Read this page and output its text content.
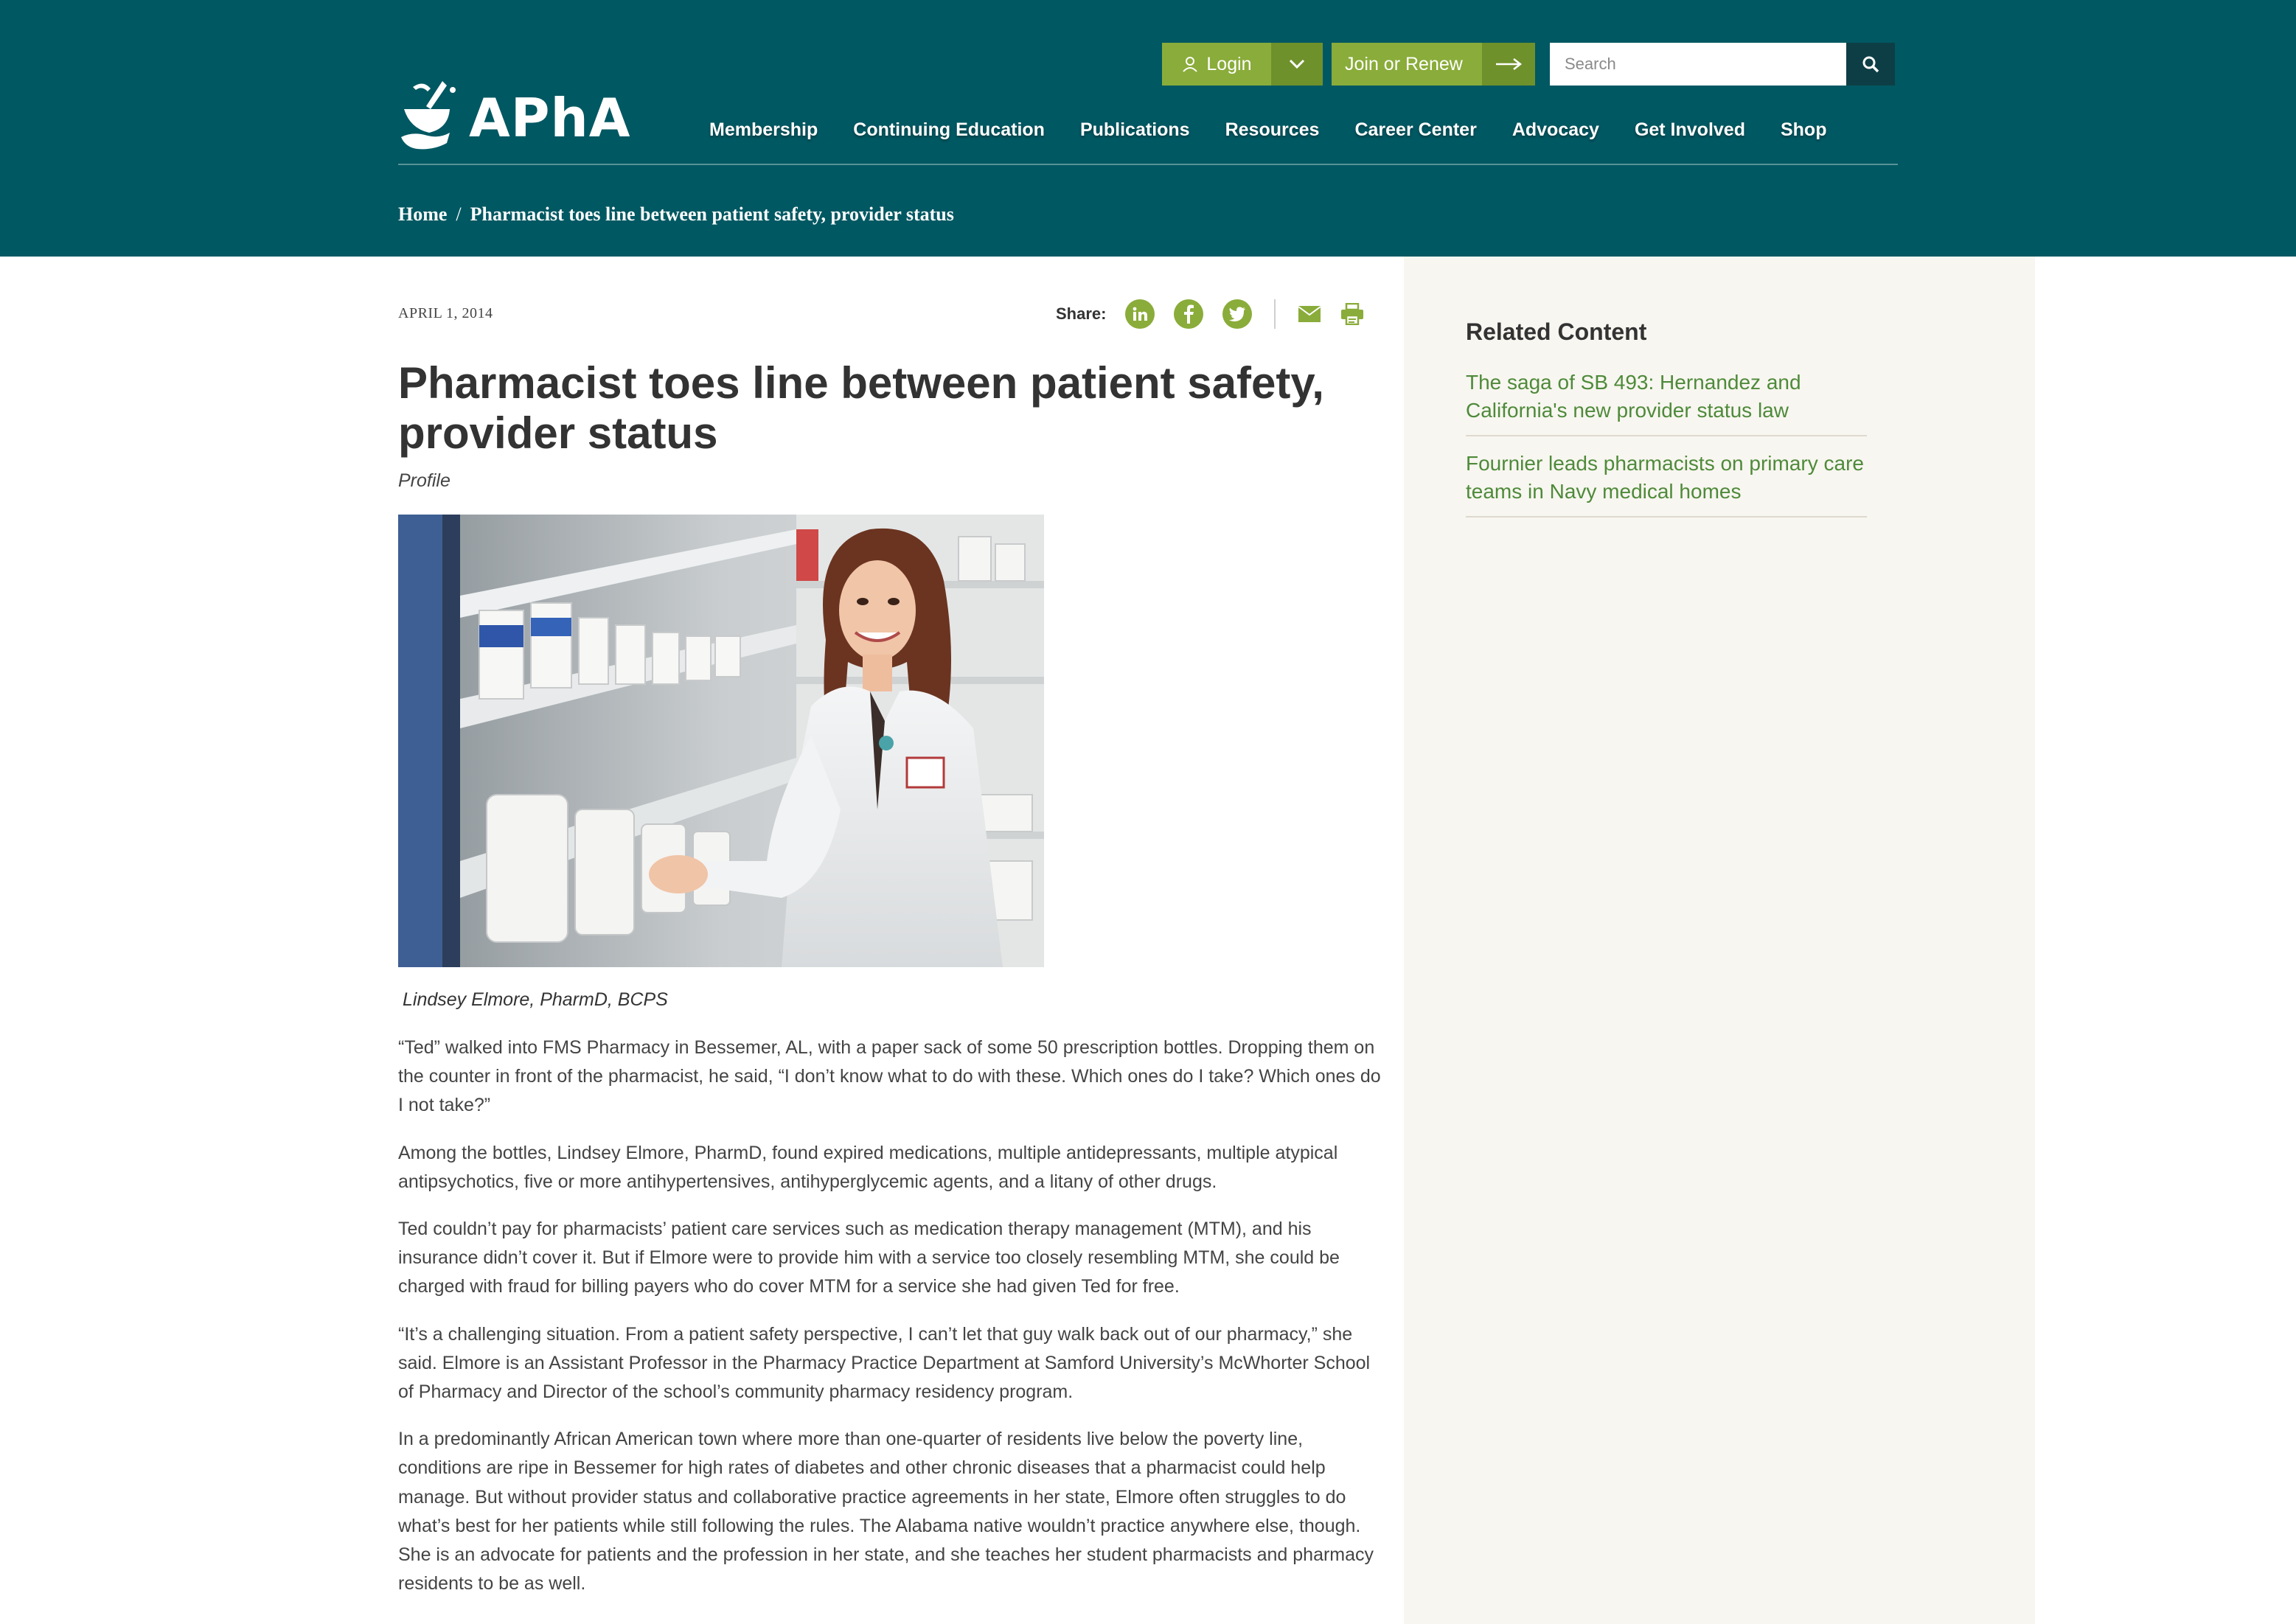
APhA
Login	Join or Renew
Search
Membership Continuing Education Publications Resources Career Center Advocacy Get Involved Shop
Home / Pharmacist toes line between patient safety, provider status
Related Content
The saga of SB 493: Hernandez and California's new provider status law
Fournier leads pharmacists on primary care teams in Navy medical homes
APRIL 1, 2014	Share:
Pharmacist toes line between patient safety, provider status
Profile
Lindsey Elmore, PharmD, BCPS

“Ted” walked into FMS Pharmacy in Bessemer, AL, with a paper sack of some 50 prescription bottles. Dropping them on the counter in front of the pharmacist, he said, “I don’t know what to do with these. Which ones do I take? Which ones do I not take?”

Among the bottles, Lindsey Elmore, PharmD, found expired medications, multiple antidepressants, multiple atypical antipsychotics, five or more antihypertensives, antihyperglycemic agents, and a litany of other drugs.

Ted couldn’t pay for pharmacists’ patient care services such as medication therapy management (MTM), and his insurance didn’t cover it. But if Elmore were to provide him with a service too closely resembling MTM, she could be charged with fraud for billing payers who do cover MTM for a service she had given Ted for free.

“It’s a challenging situation. From a patient safety perspective, I can’t let that guy walk back out of our pharmacy,” she said. Elmore is an Assistant Professor in the Pharmacy Practice Department at Samford University’s McWhorter School of Pharmacy and Director of the school’s community pharmacy residency program.

In a predominantly African American town where more than one-quarter of residents live below the poverty line, conditions are ripe in Bessemer for high rates of diabetes and other chronic diseases that a pharmacist could help manage. But without provider status and collaborative practice agreements in her state, Elmore often struggles to do what’s best for her patients while still following the rules. The Alabama native wouldn’t practice anywhere else, though. She is an advocate for patients and the profession in her state, and she teaches her student pharmacists and pharmacy residents to be as well.
